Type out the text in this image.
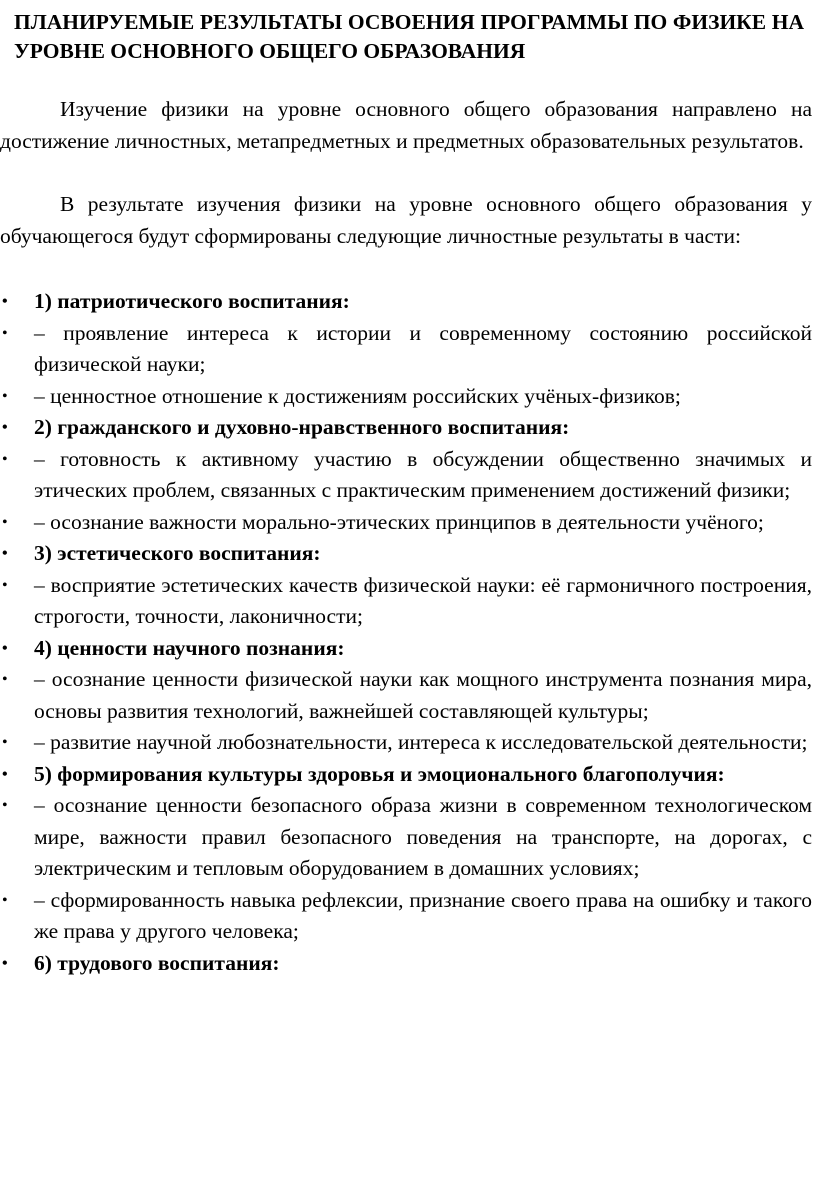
ПЛАНИРУЕМЫЕ РЕЗУЛЬТАТЫ ОСВОЕНИЯ ПРОГРАММЫ ПО ФИЗИКЕ НА УРОВНЕ ОСНОВНОГО ОБЩЕГО ОБРАЗОВАНИЯ

Изучение физики на уровне основного общего образования направлено на достижение личностных, метапредметных и предметных образовательных результатов.

В результате изучения физики на уровне основного общего образования у обучающегося будут сформированы следующие личностные результаты в части:

•	1) патриотического воспитания:
•	– проявление интереса к истории и современному состоянию российской физической науки;
•	– ценностное отношение к достижениям российских учёных-физиков;
•	2) гражданского и духовно-нравственного воспитания:
•	– готовность к активному участию в обсуждении общественно значимых и этических проблем, связанных с практическим применением достижений физики;
•	– осознание важности морально-этических принципов в деятельности учёного;
•	3) эстетического воспитания:
•	– восприятие эстетических качеств физической науки: её гармоничного построения, строгости, точности, лаконичности;
•	4) ценности научного познания:
•	– осознание ценности физической науки как мощного инструмента познания мира, основы развития технологий, важнейшей составляющей культуры;
•	– развитие научной любознательности, интереса к исследовательской деятельности;
•	5) формирования культуры здоровья и эмоционального благополучия:
•	– осознание ценности безопасного образа жизни в современном технологическом мире, важности правил безопасного поведения на транспорте, на дорогах, с электрическим и тепловым оборудованием в домашних условиях;
•	– сформированность навыка рефлексии, признание своего права на ошибку и такого же права у другого человека;
•	6) трудового воспитания:
